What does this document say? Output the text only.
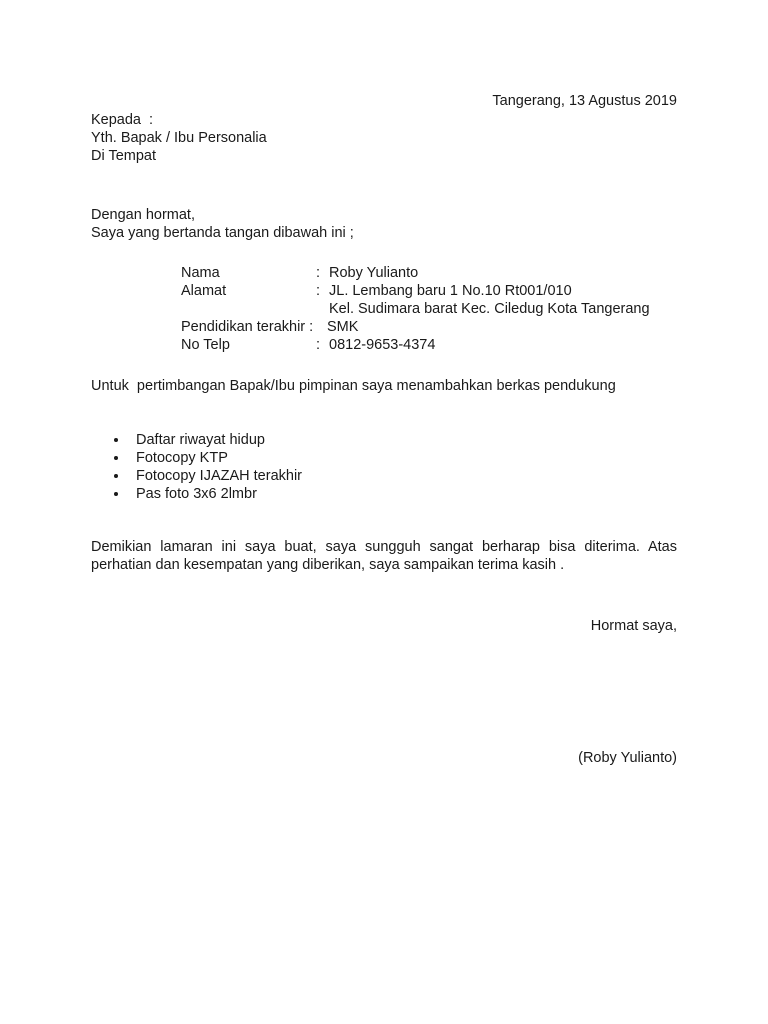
Tangerang, 13 Agustus 2019
Kepada  :
Yth. Bapak / Ibu Personalia
Di Tempat
Dengan hormat,
Saya yang bertanda tangan dibawah ini ;
Nama	: Roby Yulianto
Alamat	: JL. Lembang baru 1 No.10 Rt001/010
Kel. Sudimara barat Kec. Ciledug Kota Tangerang
Pendidikan terakhir : SMK
No Telp	: 0812-9653-4374
Untuk  pertimbangan Bapak/Ibu pimpinan saya menambahkan berkas pendukung
Daftar riwayat hidup
Fotocopy KTP
Fotocopy IJAZAH terakhir
Pas foto 3x6 2lmbr
Demikian lamaran ini saya buat, saya sungguh sangat berharap bisa diterima. Atas
perhatian dan kesempatan yang diberikan, saya sampaikan terima kasih .
Hormat saya,
(Roby Yulianto)
